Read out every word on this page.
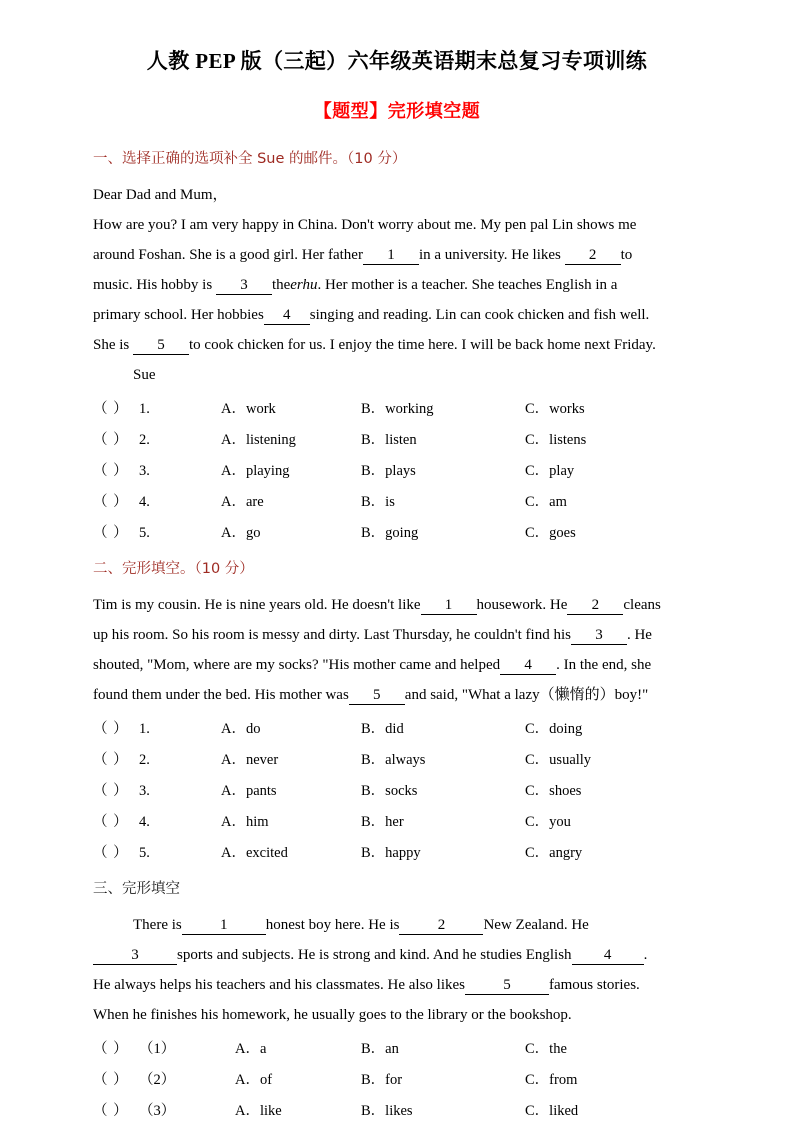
人教 PEP 版（三起）六年级英语期末总复习专项训练
【题型】完形填空题
一、选择正确的选项补全 Sue 的邮件。（10 分）

Dear Dad and Mum，

How are you? I am very happy in China. Don't worry about me. My pen pal Lin shows me

around Foshan. She is a good girl. Her father 1 in a university. He likes 2 to

music. His hobby is 3 theerhu. Her mother is a teacher. She teaches English in a

primary school. Her hobbies 4 singing and reading. Lin can cook chicken and fish well.

She is 5 to cook chicken for us. I enjoy the time here. I will be back home next Friday.

Sue

（ ） 1.	A．work	B．working	C．works
（ ） 2.	A．listening	B．listen	C．listens
（ ） 3.	A．playing	B．plays	C．play
（ ） 4.	A．are	B．is	C．am
（ ） 5.	A．go	B．going	C．goes
二、完形填空。（10 分）

Tim is my cousin. He is nine years old. He doesn't like 1 housework. He 2 cleans

up his room. So his room is messy and dirty. Last Thursday, he couldn't find his 3 . He

shouted, "Mom, where are my socks? "His mother came and helped 4 . In the end, she

found them under the bed. His mother was 5 and said, "What a lazy（懒惰的）boy!"

（ ） 1.	A．do	B．did	C．doing
（ ） 2.	A．never	B．always	C．usually
（ ） 3.	A．pants	B．socks	C．shoes
（ ） 4.	A．him	B．her	C．you
（ ） 5.	A．excited	B．happy	C．angry
三、完形填空

There is	1	honest boy here. He is	2	New Zealand. He

3	sports and subjects. He is strong and kind. And he studies English 4 .

He always helps his teachers and his classmates. He also likes	5	famous stories.

When he finishes his homework, he usually goes to the library or the bookshop.

（ ） （1）	A．a	B．an	C．the
（ ） （2）	A．of	B．for	C．from
（ ） （3）	A．like	B．likes	C．liked
